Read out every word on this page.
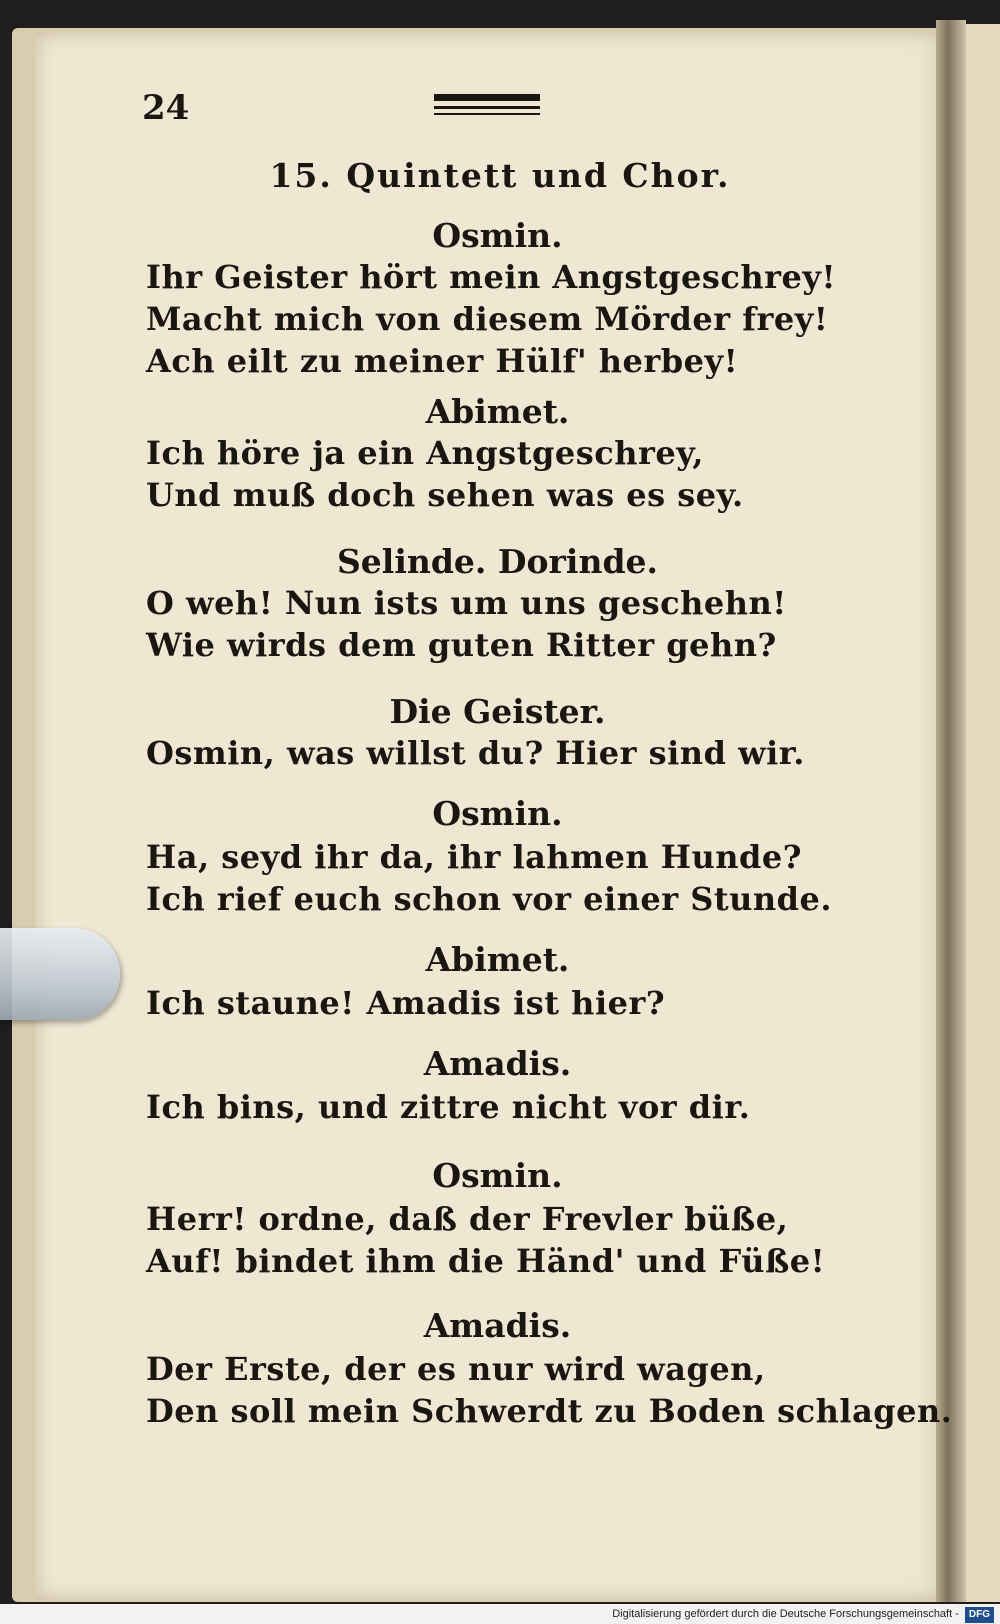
24

15. Quintett und Chor.

Osmin.

Ihr Geister hört mein Angstgeschrey!

Macht mich von diesem Mörder frey!

Ach eilt zu meiner Hülf' herbey!

Abimet.

Ich höre ja ein Angstgeschrey,

Und muß doch sehen was es sey.

Selinde. Dorinde.

O weh! Nun ists um uns geschehn!

Wie wirds dem guten Ritter gehn?

Die Geister.

Osmin, was willst du? Hier sind wir.

Osmin.

Ha, seyd ihr da, ihr lahmen Hunde?

Ich rief euch schon vor einer Stunde.

Abimet.

Ich staune! Amadis ist hier?

Amadis.

Ich bins, und zittre nicht vor dir.

Osmin.

Herr! ordne, daß der Frevler büße,

Auf! bindet ihm die Händ' und Füße!

Amadis.

Der Erste, der es nur wird wagen,

Den soll mein Schwerdt zu Boden schlagen.

Digitalisierung gefördert durch die Deutsche Forschungsgemeinschaft - DFG
